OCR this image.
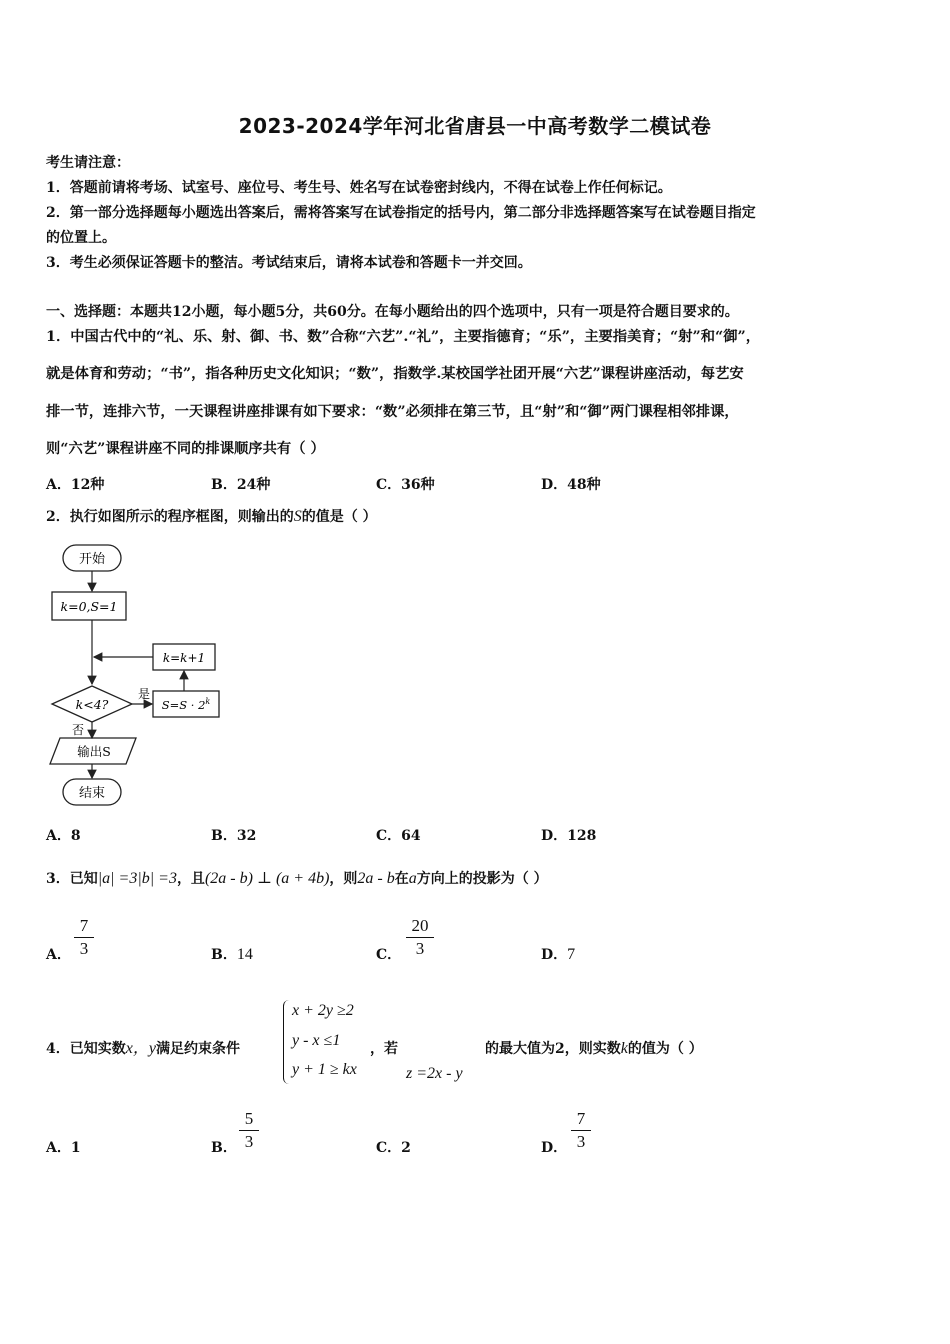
2023-2024学年河北省唐县一中高考数学二模试卷
考生请注意：
1．答题前请将考场、试室号、座位号、考生号、姓名写在试卷密封线内，不得在试卷上作任何标记。
2．第一部分选择题每小题选出答案后，需将答案写在试卷指定的括号内，第二部分非选择题答案写在试卷题目指定
的位置上。
3．考生必须保证答题卡的整洁。考试结束后，请将本试卷和答题卡一并交回。
一、选择题：本题共12小题，每小题5分，共60分。在每小题给出的四个选项中，只有一项是符合题目要求的。
1．中国古代中的“礼、乐、射、御、书、数”合称“六艺”.“礼”，主要指德育；“乐”，主要指美育；“射”和“御”，
就是体育和劳动；“书”，指各种历史文化知识；“数”，指数学.某校国学社团开展“六艺”课程讲座活动，每艺安
排一节，连排六节，一天课程讲座排课有如下要求：“数”必须排在第三节，且“射”和“御”两门课程相邻排课，
则“六艺”课程讲座不同的排课顺序共有（ ）
A．12种	B．24种	C．36种	D．48种
2．执行如图所示的程序框图，则输出的S的值是（ ）
开始
k=0,S=1
k=k+1
k<4?
是
$S=S \cdot 2^k$
否
输出S
结束
A．8	B．32	C．64	D．128
3．已知|a| =3|b| =3，且(2a - b) ⊥ (a + 4b)，则2a - b在a方向上的投影为（ ）
A．
7
3	B．14	C．
20
3	D．7
4．已知实数x，y满足约束条件
x + 2y ≥2
y - x ≤1
y + 1 ≥ kx
，若
z =2x - y
的最大值为2，则实数k的值为（ ）
A．1	B．
5
3	C．2	D．
7
3
